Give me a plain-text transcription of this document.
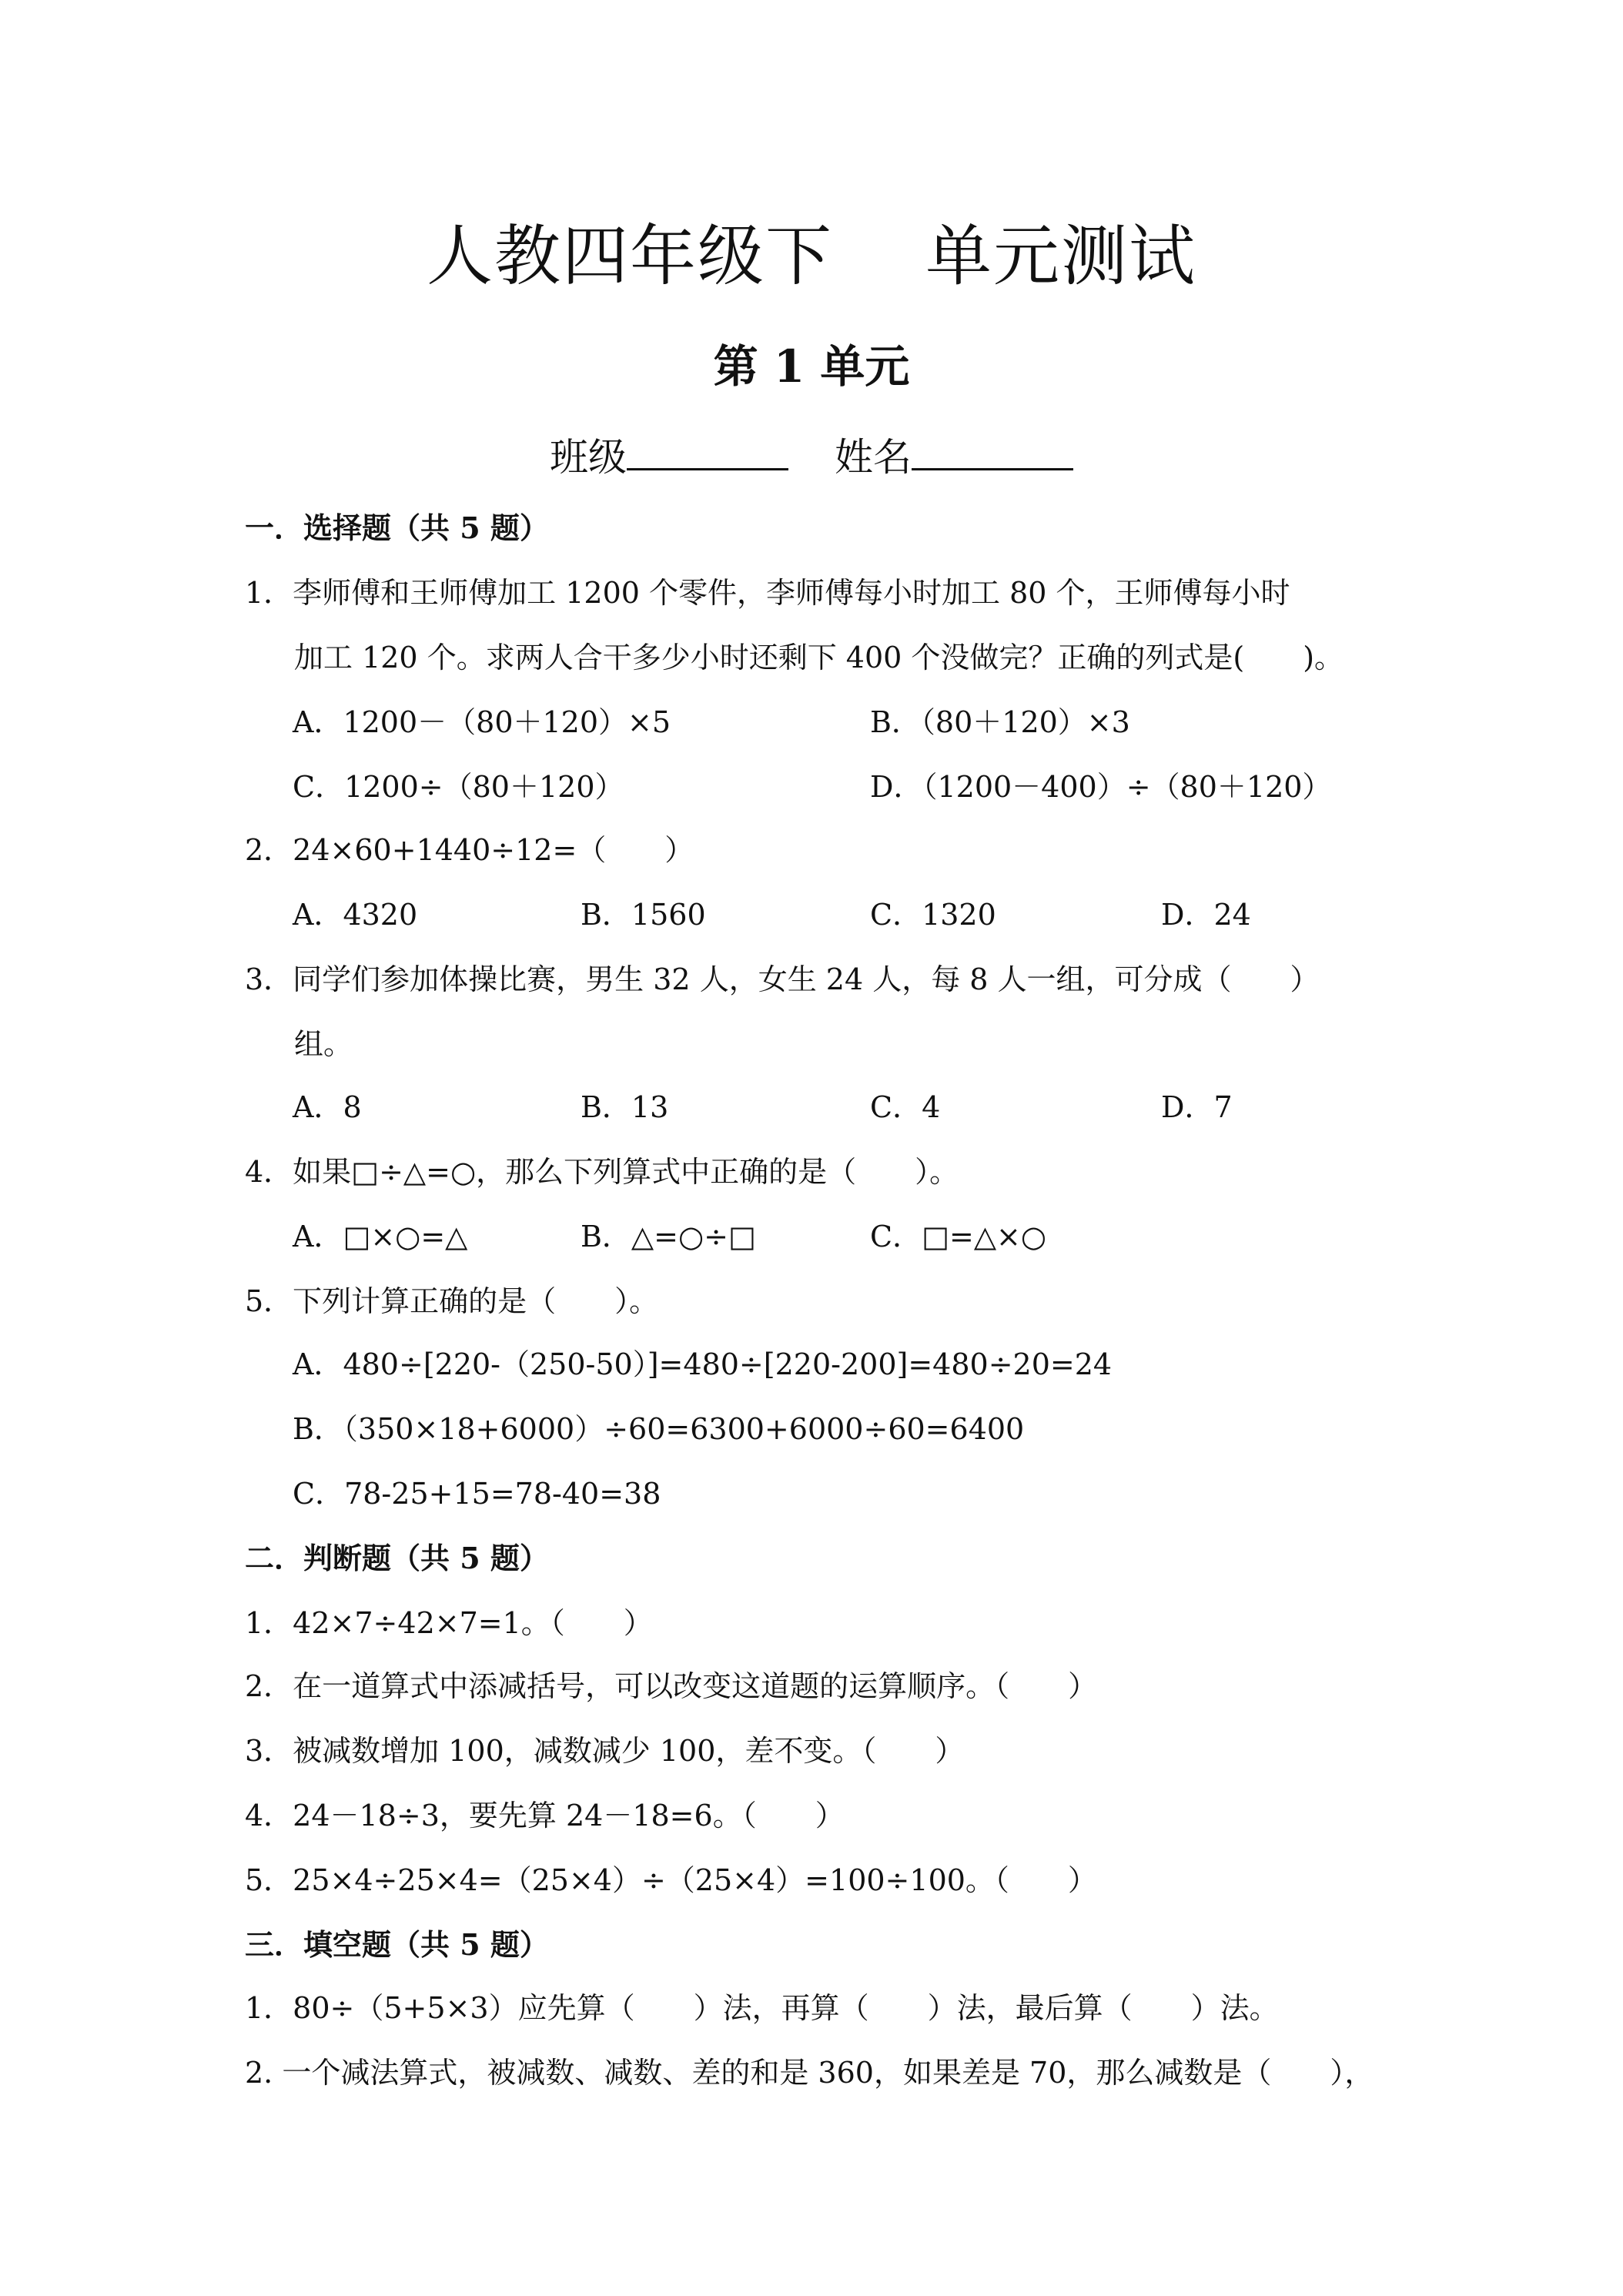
人教四年级下 单元测试
第 1 单元
班级	姓名
一．选择题（共 5 题）
1．李师傅和王师傅加工 1200 个零件，李师傅每小时加工 80 个，王师傅每小时
加工 120 个。求两人合干多少小时还剩下 400 个没做完？正确的列式是(　　)。
A．1200－（80＋120）×5	B．（80＋120）×3
C．1200÷（80＋120）	D．（1200－400）÷（80＋120）
2．24×60+1440÷12=（　　）
A．4320	B．1560	C．1320	D．24
3．同学们参加体操比赛，男生 32 人，女生 24 人，每 8 人一组，可分成（　　）
组。
A．8	B．13	C．4	D．7
4．如果□÷△=○，那么下列算式中正确的是（　　）。
A．□×○=△	B．△=○÷□	C．□=△×○
5．下列计算正确的是（　　）。
A．480÷[220-（250-50）]=480÷[220-200]=480÷20=24
B．（350×18+6000）÷60=6300+6000÷60=6400
C．78-25+15=78-40=38
二．判断题（共 5 题）
1．42×7÷42×7=1。（　　）
2．在一道算式中添减括号，可以改变这道题的运算顺序。（　　）
3．被减数增加 100，减数减少 100，差不变。（　　）
4．24－18÷3，要先算 24－18=6。（　　）
5．25×4÷25×4=（25×4）÷（25×4）=100÷100。（　　）
三．填空题（共 5 题）
1．80÷（5+5×3）应先算（　　）法，再算（　　）法，最后算（　　）法。
2. 一个减法算式，被减数、减数、差的和是 360，如果差是 70，那么减数是（　　），
